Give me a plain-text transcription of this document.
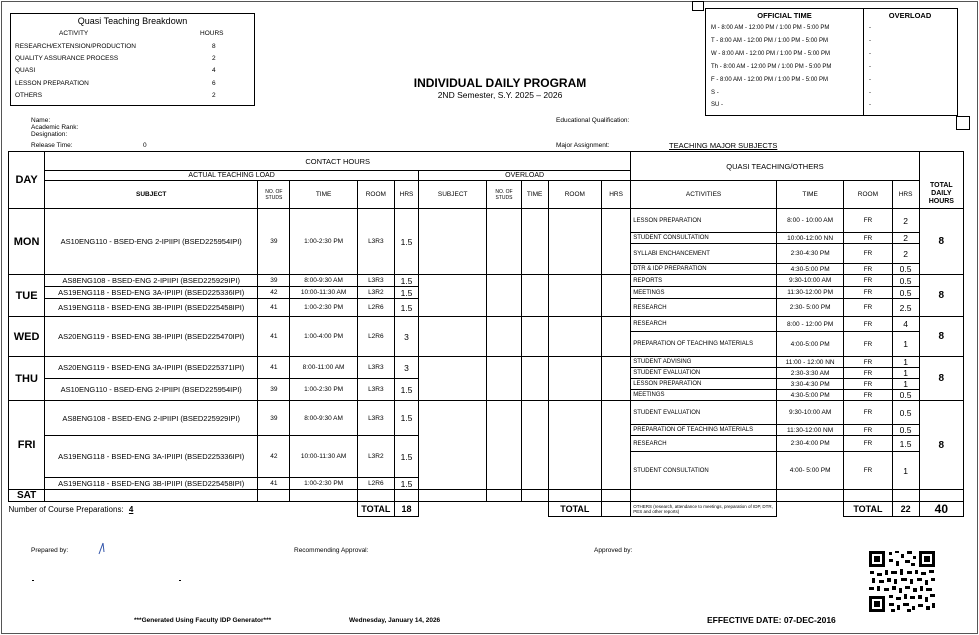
Quasi Teaching Breakdown
ACTIVITY	HOURS
RESEARCH/EXTENSION/PRODUCTION	8
QUALITY ASSURANCE PROCESS	2
QUASI	4
LESSON PREPARATION	6
OTHERS	2
OFFICIAL TIME	OVERLOAD
M - 8:00 AM - 12:00 PM / 1:00 PM - 5:00 PM	-
T - 8:00 AM - 12:00 PM / 1:00 PM - 5:00 PM	-
W - 8:00 AM - 12:00 PM / 1:00 PM - 5:00 PM	-
Th - 8:00 AM - 12:00 PM / 1:00 PM - 5:00 PM	-
F - 8:00 AM - 12:00 PM / 1:00 PM - 5:00 PM	-
S -	-
SU -	-
INDIVIDUAL DAILY PROGRAM
2ND Semester, S.Y. 2025 – 2026
Name:
Academic Rank:
Designation:
Release Time:	0
Educational Qualification:
Major Assignment:	TEACHING MAJOR SUBJECTS
DAY	CONTACT HOURS										QUASI TEACHING/OTHERS				
	ACTUAL TEACHING LOAD					OVERLOAD									
	SUBJECT	NO. OF STUDS	TIME	ROOM	HRS	SUBJECT	NO. OF STUDS	TIME	ROOM	HRS	ACTIVITIES	TIME	ROOM	HRS	TOTAL DAILY HOURS
MON	AS10ENG110 - BSED-ENG 2-IPIIPI (BSED225954IPI)	39	1:00-2:30 PM	L3R3	1.5						LESSON PREPARATION	8:00 - 10:00 AM	FR	2	8
											STUDENT CONSULTATION	10:00-12:00 NN	FR	2	
											SYLLABI ENCHANCEMENT	2:30-4:30 PM	FR	2	
											DTR & IDP PREPARATION	4:30-5:00 PM	FR	0.5	
TUE	AS8ENG108 - BSED-ENG 2-IPIIPI (BSED225929IPI)	39	8:00-9:30 AM	L3R3	1.5						REPORTS	9:30-10:00 AM	FR	0.5	8
	AS19ENG118 - BSED-ENG 3A-IPIIPI (BSED225336IPI)	42	10:00-11:30 AM	L3R2	1.5						MEETINGS	11:30-12:00 PM	FR	0.5	
	AS19ENG118 - BSED-ENG 3B-IPIIPI (BSED225458IPI)	41	1:00-2:30 PM	L2R6	1.5						RESEARCH	2:30- 5:00 PM	FR	2.5	
WED	AS20ENG119 - BSED-ENG 3B-IPIIPI (BSED225470IPI)	41	1:00-4:00 PM	L2R6	3						RESEARCH	8:00 - 12:00 PM	FR	4	8
											PREPARATION OF TEACHING MATERIALS	4:00-5:00 PM	FR	1	
THU	AS20ENG119 - BSED-ENG 3A-IPIIPI (BSED225371IPI)	41	8:00-11:00 AM	L3R3	3						STUDENT ADVISING	11:00 - 12:00 NN	FR	1	8
											STUDENT EVALUATION	2:30-3:30 AM	FR	1	
	AS10ENG110 - BSED-ENG 2-IPIIPI (BSED225954IPI)	39	1:00-2:30 PM	L3R3	1.5						LESSON PREPARATION	3:30-4:30 PM	FR	1	
											MEETINGS	4:30-5:00 PM	FR	0.5	
FRI	AS8ENG108 - BSED-ENG 2-IPIIPI (BSED225929IPI)	39	8:00-9:30 AM	L3R3	1.5						STUDENT EVALUATION	9:30-10:00 AM	FR	0.5	8
											PREPARATION OF TEACHING MATERIALS	11:30-12:00 NM	FR	0.5	
	AS19ENG118 - BSED-ENG 3A-IPIIPI (BSED225336IPI)	42	10:00-11:30 AM	L3R2	1.5						RESEARCH	2:30-4:00 PM	FR	1.5	
											STUDENT CONSULTATION	4:00- 5:00 PM	FR	1	
	AS19ENG118 - BSED-ENG 3B-IPIIPI (BSED225458IPI)	41	1:00-2:30 PM	L2R6	1.5										
SAT															
Number of Course Preparations: 4				TOTAL	18				TOTAL		OTHERS (research, attendance to meetings, preparation of IDP, DTR, PES and other reports)		TOTAL	22	40
Prepared by:	Recommending Approval:	Approved by:
***Generated Using Faculty IDP Generator***	Wednesday, January 14, 2026	EFFECTIVE DATE: 07-DEC-2016
